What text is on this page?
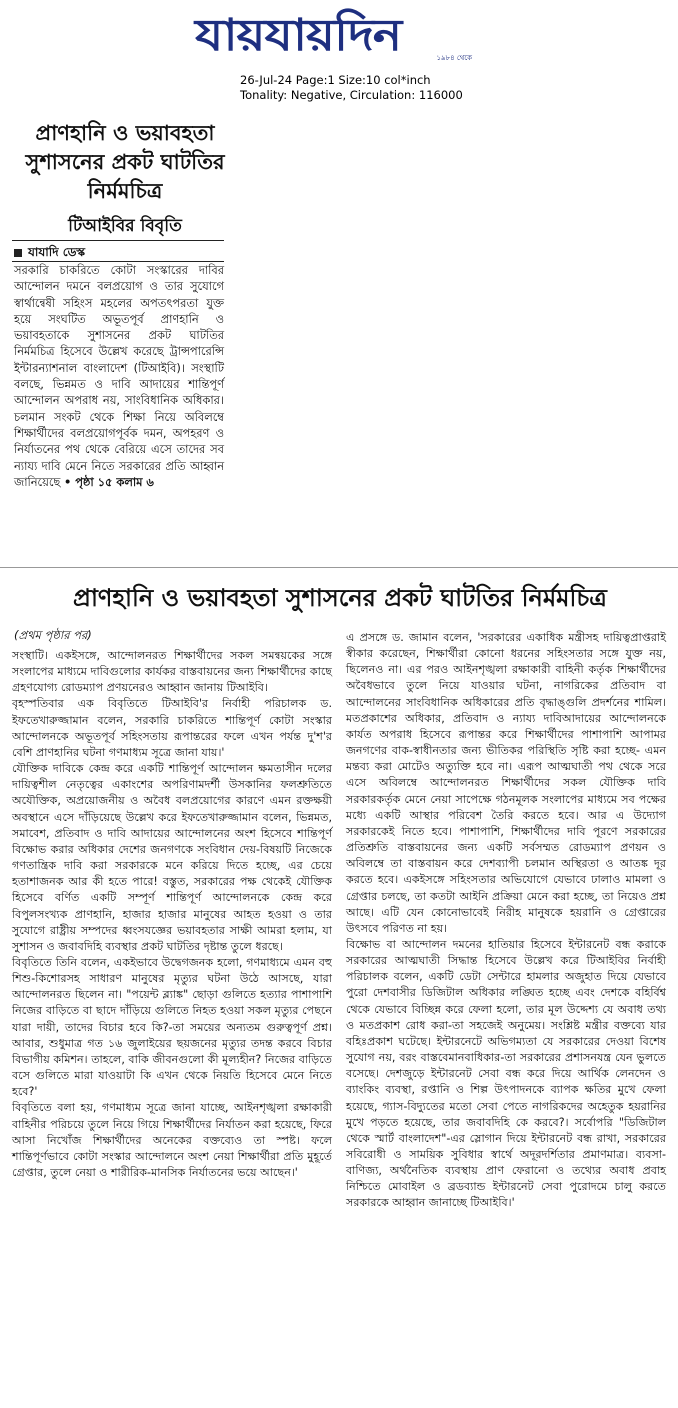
যায়যায়দিন	১৯৮৪ থেকে
26-Jul-24 Page:1 Size:10 col*inch
Tonality: Negative, Circulation: 116000
প্রাণহানি ও ভয়াবহতা সুশাসনের প্রকট ঘাটতির নির্মমচিত্র
টিআইবির বিবৃতি
যাযাদি ডেস্ক
সরকারি চাকরিতে কোটা সংস্কারের দাবির আন্দোলন দমনে বলপ্রয়োগ ও তার সুযোগে স্বার্থান্বেষী সহিংস মহলের অপতৎপরতা যুক্ত হয়ে সংঘটিত অভূতপূর্ব প্রাণহানি ও ভয়াবহতাকে সুশাসনের প্রকট ঘাটতির নির্মমচিত্র হিসেবে উল্লেখ করেছে ট্রান্সপারেন্সি ইন্টারন্যাশনাল বাংলাদেশ (টিআইবি)। সংস্থাটি বলছে, ভিন্নমত ও দাবি আদায়ের শান্তিপূর্ণ আন্দোলন অপরাধ নয়, সাংবিধানিক অধিকার। চলমান সংকট থেকে শিক্ষা নিয়ে অবিলম্বে শিক্ষার্থীদের বলপ্রয়োগপূর্বক দমন, অপহরণ ও নির্যাতনের পথ থেকে বেরিয়ে এসে তাদের সব ন্যায্য দাবি মেনে নিতে সরকারের প্রতি আহ্বান জানিয়েছে • পৃষ্ঠা ১৫ কলাম ৬
প্রাণহানি ও ভয়াবহতা সুশাসনের প্রকট ঘাটতির নির্মমচিত্র
(প্রথম পৃষ্ঠার পর)

সংস্থাটি। একইসঙ্গে, আন্দোলনরত শিক্ষার্থীদের সকল সমন্বয়কের সঙ্গে সংলাপের মাধ্যমে দাবিগুলোর কার্যকর বাস্তবায়নের জন্য শিক্ষার্থীদের কাছে গ্রহণযোগ্য রোডম্যাপ প্রণয়নেরও আহ্বান জানায় টিআইবি।

বৃহস্পতিবার এক বিবৃতিতে টিআইবি'র নির্বাহী পরিচালক ড. ইফতেখারুজ্জামান বলেন, সরকারি চাকরিতে শান্তিপূর্ণ কোটা সংস্কার আন্দোলনকে অভূতপূর্ব সহিংসতায় রূপান্তরের ফলে এখন পর্যন্ত দু'শ'র বেশি প্রাণহানির ঘটনা গণমাধ্যম সূত্রে জানা যায়।'

যৌক্তিক দাবিকে কেন্দ্র করে একটি শান্তিপূর্ণ আন্দোলন ক্ষমতাসীন দলের দায়িত্বশীল নেতৃত্বের একাংশের অপরিণামদর্শী উসকানির ফলশ্রুতিতে অযৌক্তিক, অপ্রয়োজনীয় ও অবৈধ বলপ্রয়োগের কারণে এমন রক্তক্ষয়ী অবস্থানে এসে দাঁড়িয়েছে উল্লেখ করে ইফতেখারুজ্জামান বলেন, ভিন্নমত, সমাবেশ, প্রতিবাদ ও দাবি আদায়ের আন্দোলনের অংশ হিসেবে শান্তিপূর্ণ বিক্ষোভ করার অধিকার দেশের জনগণকে সংবিধান দেয়-বিষয়টি নিজেকে গণতান্ত্রিক দাবি করা সরকারকে মনে করিয়ে দিতে হচ্ছে, এর চেয়ে হতাশাজনক আর কী হতে পারে! বস্তুত, সরকারের পক্ষ থেকেই যৌক্তিক হিসেবে বর্ণিত একটি সম্পূর্ণ শান্তিপূর্ণ আন্দোলনকে কেন্দ্র করে বিপুলসংখ্যক প্রাণহানি, হাজার হাজার মানুষের আহত হওয়া ও তার সুযোগে রাষ্ট্রীয় সম্পদের ধ্বংসযজ্ঞের ভয়াবহতার সাক্ষী আমরা হলাম, যা সুশাসন ও জবাবদিহি ব্যবস্থার প্রকট ঘাটতির দৃষ্টান্ত তুলে ধরছে।

বিবৃতিতে তিনি বলেন, একইভাবে উদ্বেগজনক হলো, গণমাধ্যমে এমন বহু শিশু-কিশোরসহ সাধারণ মানুষের মৃত্যুর ঘটনা উঠে আসছে, যারা আন্দোলনরত ছিলেন না। "পয়েন্ট ব্ল্যাঙ্ক" ছোড়া গুলিতে হত্যার পাশাপাশি নিজের বাড়িতে বা ছাদে দাঁড়িয়ে গুলিতে নিহত হওয়া সকল মৃত্যুর পেছনে যারা দায়ী, তাদের বিচার হবে কি?-তা সময়ের অন্যতম গুরুত্বপূর্ণ প্রশ্ন। আবার, শুধুমাত্র গত ১৬ জুলাইয়ের ছয়জনের মৃত্যুর তদন্ত করবে বিচার বিভাগীয় কমিশন। তাহলে, বাকি জীবনগুলো কী মূল্যহীন? নিজের বাড়িতে বসে গুলিতে মারা যাওয়াটা কি এখন থেকে নিয়তি হিসেবে মেনে নিতে হবে?'

বিবৃতিতে বলা হয়, গণমাধ্যম সূত্রে জানা যাচ্ছে, আইনশৃঙ্খলা রক্ষাকারী বাহিনীর পরিচয়ে তুলে নিয়ে গিয়ে শিক্ষার্থীদের নির্যাতন করা হয়েছে, ফিরে আসা নিখোঁজ শিক্ষার্থীদের অনেকের বক্তব্যেও তা স্পষ্ট। ফলে শান্তিপূর্ণভাবে কোটা সংস্কার আন্দোলনে অংশ নেয়া শিক্ষার্থীরা প্রতি মুহূর্তে গ্রেপ্তার, তুলে নেয়া ও শারীরিক-মানসিক নির্যাতনের ভয়ে আছেন।'

এ প্রসঙ্গে ড. জামান বলেন, 'সরকারের একাধিক মন্ত্রীসহ দায়িত্বপ্রাপ্তরাই স্বীকার করেছেন, শিক্ষার্থীরা কোনো ধরনের সহিংসতার সঙ্গে যুক্ত নয়, ছিলেনও না। এর পরও আইনশৃঙ্খলা রক্ষাকারী বাহিনী কর্তৃক শিক্ষার্থীদের অবৈধভাবে তুলে নিয়ে যাওয়ার ঘটনা, নাগরিকের প্রতিবাদ বা আন্দোলনের সাংবিধানিক অধিকারের প্রতি বৃদ্ধাঙ্গুলি প্রদর্শনের শামিল। মতপ্রকাশের অধিকার, প্রতিবাদ ও ন্যায্য দাবিআদায়ের আন্দোলনকে কার্যত অপরাধ হিসেবে রূপান্তর করে শিক্ষার্থীদের পাশাপাশি আপামর জনগণের বাক-স্বাধীনতার জন্য ভীতিকর পরিস্থিতি সৃষ্টি করা হচ্ছে- এমন মন্তব্য করা মোটেও অত্যুক্তি হবে না। এরূপ আত্মঘাতী পথ থেকে সরে এসে অবিলম্বে আন্দোলনরত শিক্ষার্থীদের সকল যৌক্তিক দাবি সরকারকর্তৃক মেনে নেয়া সাপেক্ষে গঠনমূলক সংলাপের মাধ্যমে সব পক্ষের মধ্যে একটি আস্থার পরিবেশ তৈরি করতে হবে। আর এ উদ্যোগ সরকারকেই নিতে হবে। পাশাপাশি, শিক্ষার্থীদের দাবি পূরণে সরকারের প্রতিশ্রুতি বাস্তবায়নের জন্য একটি সর্বসম্মত রোডম্যাপ প্রণয়ন ও অবিলম্বে তা বাস্তবায়ন করে দেশব্যাপী চলমান অস্থিরতা ও আতঙ্ক দূর করতে হবে। একইসঙ্গে সহিংসতার অভিযোগে যেভাবে ঢালাও মামলা ও গ্রেপ্তার চলছে, তা কতটা আইনি প্রক্রিয়া মেনে করা হচ্ছে, তা নিয়েও প্রশ্ন আছে। এটি যেন কোনোভাবেই নিরীহ মানুষকে হয়রানি ও গ্রেপ্তারের উৎসবে পরিণত না হয়।

বিক্ষোভ বা আন্দোলন দমনের হাতিয়ার হিসেবে ইন্টারনেট বন্ধ করাকে সরকারের আত্মঘাতী সিদ্ধান্ত হিসেবে উল্লেখ করে টিআইবির নির্বাহী পরিচালক বলেন, একটি ডেটা সেন্টারে হামলার অজুহাত দিয়ে যেভাবে পুরো দেশবাসীর ডিজিটাল অধিকার লঙ্ঘিত হচ্ছে এবং দেশকে বহির্বিশ্ব থেকে যেভাবে বিচ্ছিন্ন করে ফেলা হলো, তার মূল উদ্দেশ্য যে অবাধ তথ্য ও মতপ্রকাশ রোধ করা-তা সহজেই অনুমেয়। সংশ্লিষ্ট মন্ত্রীর বক্তব্যে যার বহিঃপ্রকাশ ঘটেছে। ইন্টারনেটে অভিগম্যতা যে সরকারের দেওয়া বিশেষ সুযোগ নয়, বরং বাস্তবেমানবাধিকার-তা সরকারের প্রশাসনযন্ত্র যেন ভুলতে বসেছে। দেশজুড়ে ইন্টারনেট সেবা বন্ধ করে দিয়ে আর্থিক লেনদেন ও ব্যাংকিং ব্যবস্থা, রপ্তানি ও শিল্প উৎপাদনকে ব্যাপক ক্ষতির মুখে ফেলা হয়েছে, গ্যাস-বিদ্যুতের মতো সেবা পেতে নাগরিকদের অহেতুক হয়রানির মুখে পড়তে হয়েছে, তার জবাবদিহি কে করবে?। সর্বোপরি "ডিজিটাল থেকে স্মার্ট বাংলাদেশ"-এর স্লোগান দিয়ে ইন্টারনেট বন্ধ রাখা, সরকারের সবিরোধী ও সাময়িক সুবিধার স্বার্থে অদূরদর্শিতার প্রমাণমাত্র। ব্যবসা-বাণিজ্য, অর্থনৈতিক ব্যবস্থায় প্রাণ ফেরানো ও তথ্যের অবাধ প্রবাহ নিশ্চিতে মোবাইল ও ব্রডব্যান্ড ইন্টারনেট সেবা পুরোদমে চালু করতে সরকারকে আহ্বান জানাচ্ছে টিআইবি।'
